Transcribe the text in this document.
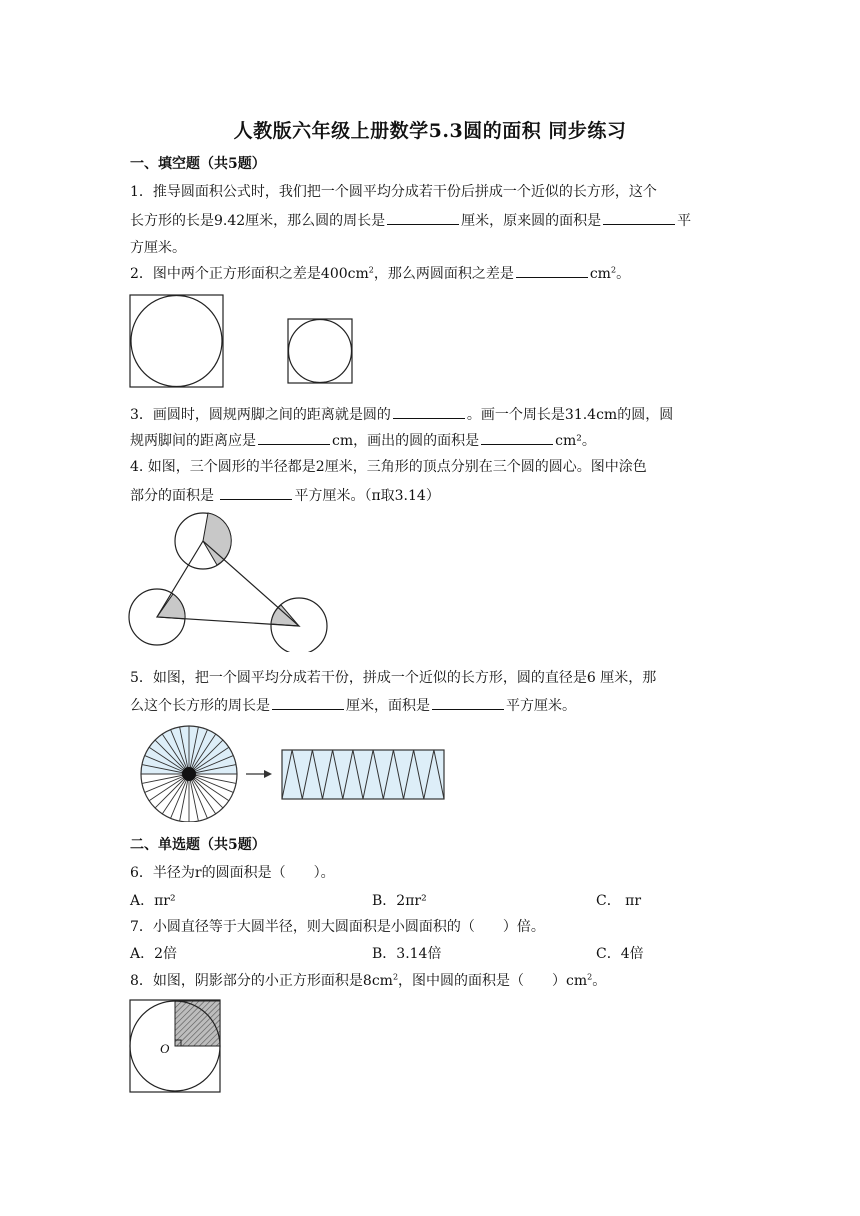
人教版六年级上册数学5.3圆的面积 同步练习
一、填空题（共5题）
1．推导圆面积公式时，我们把一个圆平均分成若干份后拼成一个近似的长方形，这个
长方形的长是9.42厘米，那么圆的周长是	厘米，原来圆的面积是	平
方厘米。
2．图中两个正方形面积之差是$400cm^2$，那么两圆面积之差是	$cm^2$。
3．画圆时，圆规两脚之间的距离就是圆的	。画一个周长是31.4cm的圆，圆
规两脚间的距离应是	cm，画出的圆的面积是	cm²。
4. 如图，三个圆形的半径都是2厘米，三角形的顶点分别在三个圆的圆心。图中涂色
部分的面积是	平方厘米。（π取3.14）
5．如图，把一个圆平均分成若干份，拼成一个近似的长方形，圆的直径是6 厘米，那
么这个长方形的周长是	厘米，面积是	平方厘米。
二、单选题（共5题）
6．半径为r的圆面积是（　　）。
A．πr²	B．2πr²	C． πr
7．小圆直径等于大圆半径，则大圆面积是小圆面积的（　　）倍。
A．2倍	B．3.14倍	C．4倍
8．如图，阴影部分的小正方形面积是$8cm^2$，图中圆的面积是（　　）$cm^2$。
O
